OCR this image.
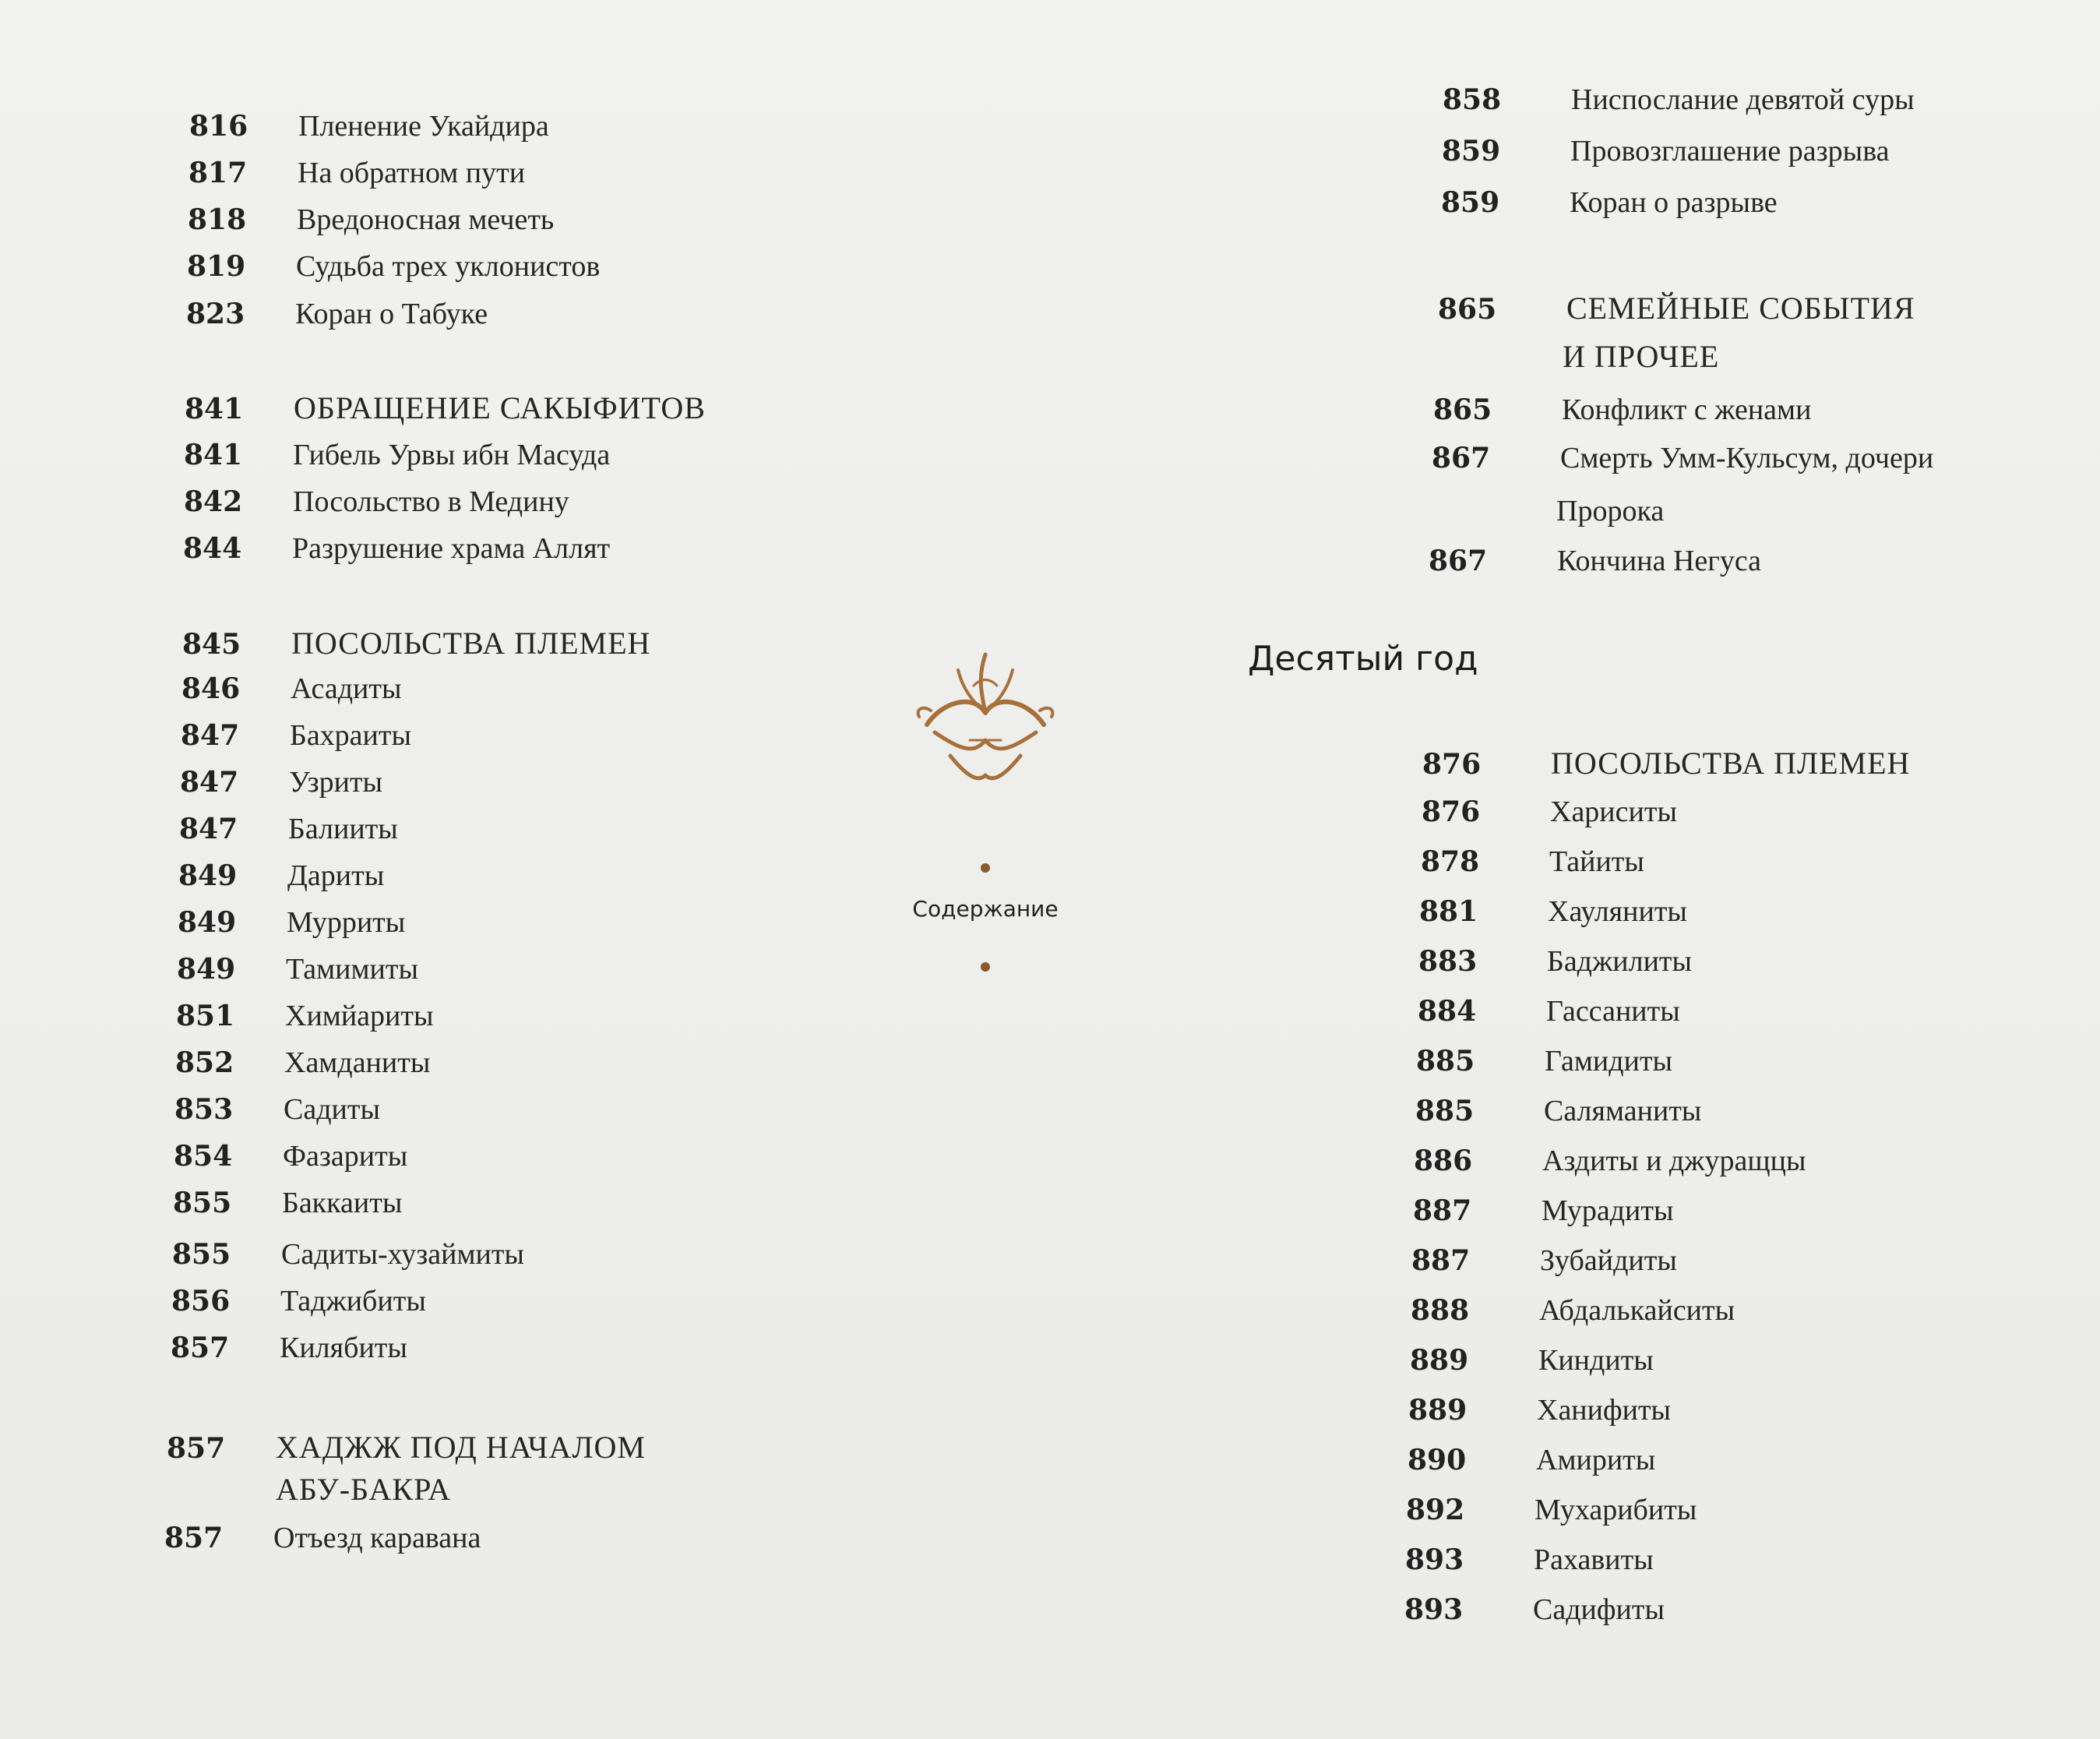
816	Пленение Укайдира
817	На обратном пути
818	Вредоносная мечеть
819	Судьба трех уклонистов
823	Коран о Табуке
841	ОБРАЩЕНИЕ САКЫФИТОВ
841	Гибель Урвы ибн Масуда
842	Посольство в Медину
844	Разрушение храма Аллят
845	ПОСОЛЬСТВА ПЛЕМЕН
846	Асадиты
847	Бахраиты
847	Узриты
847	Балииты
849	Дариты
849	Мурриты
849	Тамимиты
851	Химйариты
852	Хамданиты
853	Садиты
854	Фазариты
855	Баккаиты
855	Садиты-хузаймиты
856	Таджибиты
857	Килябиты
857	ХАДЖЖ ПОД НАЧАЛОМ
АБУ-БАКРА
857	Отъезд каравана
Содержание
858	Ниспослание девятой суры
859	Провозглашение разрыва
859	Коран о разрыве
865	СЕМЕЙНЫЕ СОБЫТИЯ
И ПРОЧЕЕ
865	Конфликт с женами
867	Смерть Умм-Кульсум, дочери
Пророка
867	Кончина Негуса
Десятый год
876	ПОСОЛЬСТВА ПЛЕМЕН
876	Хариситы
878	Тайиты
881	Хауляниты
883	Баджилиты
884	Гассаниты
885	Гамидиты
885	Саляманиты
886	Аздиты и джуращцы
887	Мурадиты
887	Зубайдиты
888	Абдалькайситы
889	Киндиты
889	Ханифиты
890	Амириты
892	Мухарибиты
893	Рахавиты
893	Садифиты
